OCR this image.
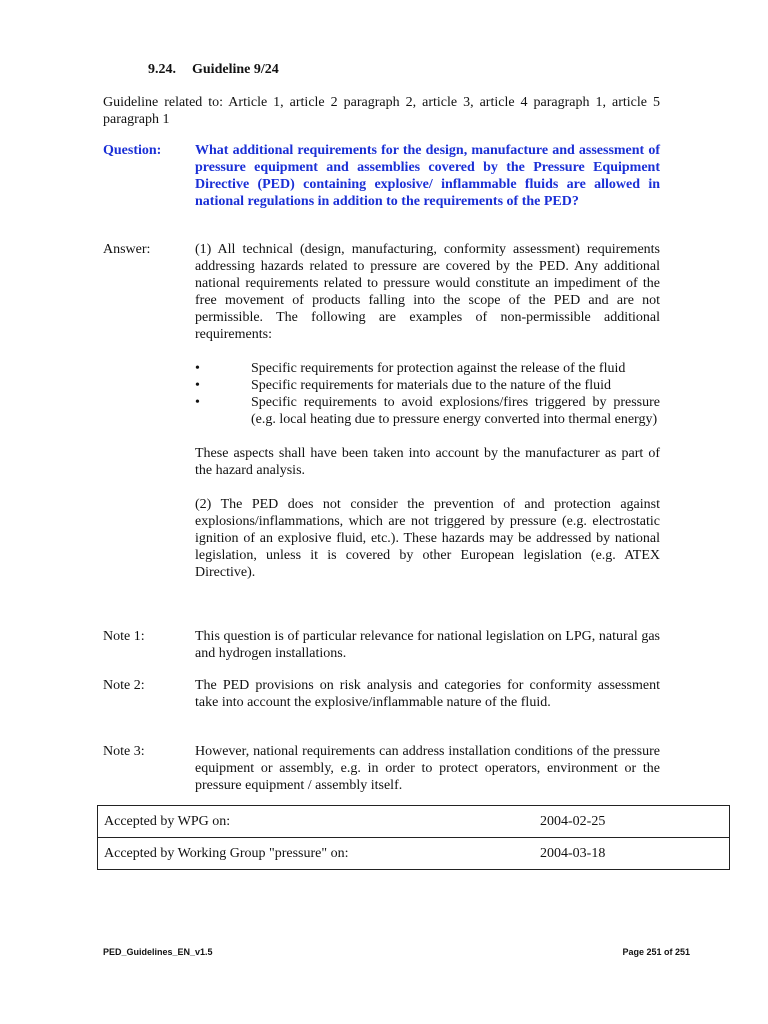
9.24. Guideline 9/24
Guideline related to: Article 1, article 2 paragraph 2, article 3, article 4 paragraph 1, article 5 paragraph 1
Question:	What additional requirements for the design, manufacture and assessment of pressure equipment and assemblies covered by the Pressure Equipment Directive (PED) containing explosive/ inflammable fluids are allowed in national regulations in addition to the requirements of the PED?
Answer:	(1) All technical (design, manufacturing, conformity assessment) requirements addressing hazards related to pressure are covered by the PED. Any additional national requirements related to pressure would constitute an impediment of the free movement of products falling into the scope of the PED and are not permissible. The following are examples of non-permissible additional requirements:

•	Specific requirements for protection against the release of the fluid
•	Specific requirements for materials due to the nature of the fluid
•	Specific requirements to avoid explosions/fires triggered by pressure (e.g. local heating due to pressure energy converted into thermal energy)

These aspects shall have been taken into account by the manufacturer as part of the hazard analysis.

(2) The PED does not consider the prevention of and protection against explosions/inflammations, which are not triggered by pressure (e.g. electrostatic ignition of an explosive fluid, etc.). These hazards may be addressed by national legislation, unless it is covered by other European legislation (e.g. ATEX Directive).

Note 1:	This question is of particular relevance for national legislation on LPG, natural gas and hydrogen installations.
Note 2:	The PED provisions on risk analysis and categories for conformity assessment take into account the explosive/inflammable nature of the fluid.
Note 3:	However, national requirements can address installation conditions of the pressure equipment or assembly, e.g. in order to protect operators, environment or the pressure equipment / assembly itself.
Accepted by WPG on:	2004-02-25
Accepted by Working Group "pressure" on:	2004-03-18
PED_Guidelines_EN_v1.5	Page 251 of 251
